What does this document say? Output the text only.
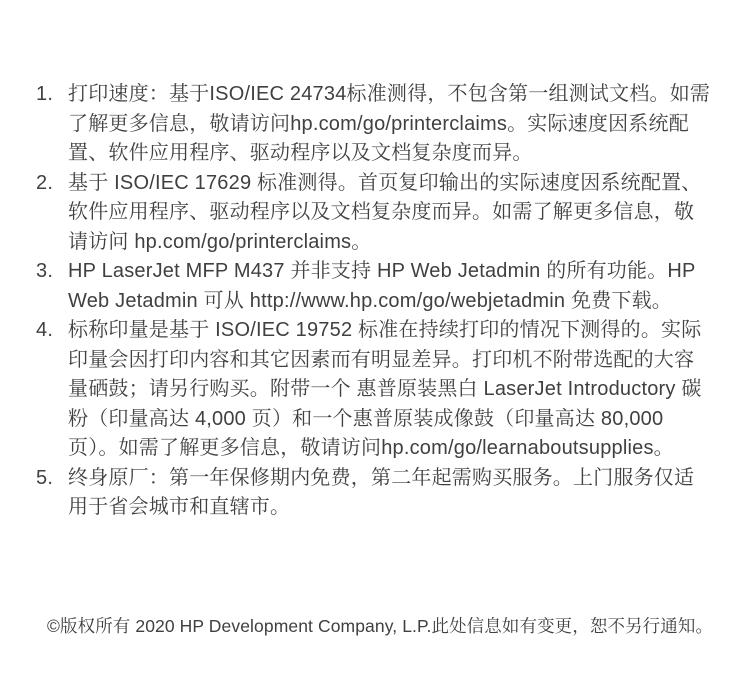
1. 打印速度：基于ISO/IEC 24734标准测得，不包含第一组测试文档。如需了解更多信息，敬请访问hp.com/go/printerclaims。实际速度因系统配置、软件应用程序、驱动程序以及文档复杂度而异。
2. 基于 ISO/IEC 17629 标准测得。首页复印输出的实际速度因系统配置、软件应用程序、驱动程序以及文档复杂度而异。如需了解更多信息，敬请访问 hp.com/go/printerclaims。
3. HP LaserJet MFP M437 并非支持 HP Web Jetadmin 的所有功能。HP Web Jetadmin 可从 http://www.hp.com/go/webjetadmin 免费下载。
4. 标称印量是基于 ISO/IEC 19752 标准在持续打印的情况下测得的。实际印量会因打印内容和其它因素而有明显差异。打印机不附带选配的大容量硒鼓；请另行购买。附带一个 惠普原装黑白 LaserJet Introductory 碳粉（印量高达 4,000 页）和一个惠普原装成像鼓（印量高达 80,000 页）。如需了解更多信息，敬请访问hp.com/go/learnaboutsupplies。
5. 终身原厂：第一年保修期内免费，第二年起需购买服务。上门服务仅适用于省会城市和直辖市。

©版权所有 2020 HP Development Company, L.P.此处信息如有变更，恕不另行通知。
